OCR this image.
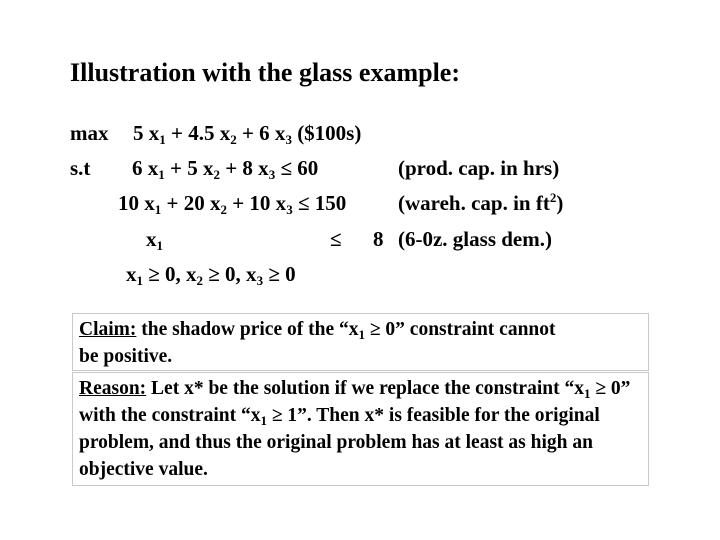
Illustration with the glass example:
max 5 $x_1 + 4.5$ $x_2 + 6$ $x_3$ ($100s)
s.t 6 $x_1 + 5$ $x_2 + 8$ $x_3 \le 60$	(prod. cap. in hrs)
10 $x_1 + 20$ $x_2 + 10$ $x_3 \le 150$ (wareh. cap. in $ft^2$)
$x_1$	≤ 8 (6-0z. glass dem.)
$x_1 \ge 0$, $x_2 \ge 0$, $x_3 \ge 0$
Claim: the shadow price of the “$x_1 \ge 0$” constraint cannot be positive.
Reason: Let x* be the solution if we replace the constraint “$x_1 \ge 0$” with the constraint “$x_1 \ge 1$”. Then x* is feasible for the original problem, and thus the original problem has at least as high an objective value.
